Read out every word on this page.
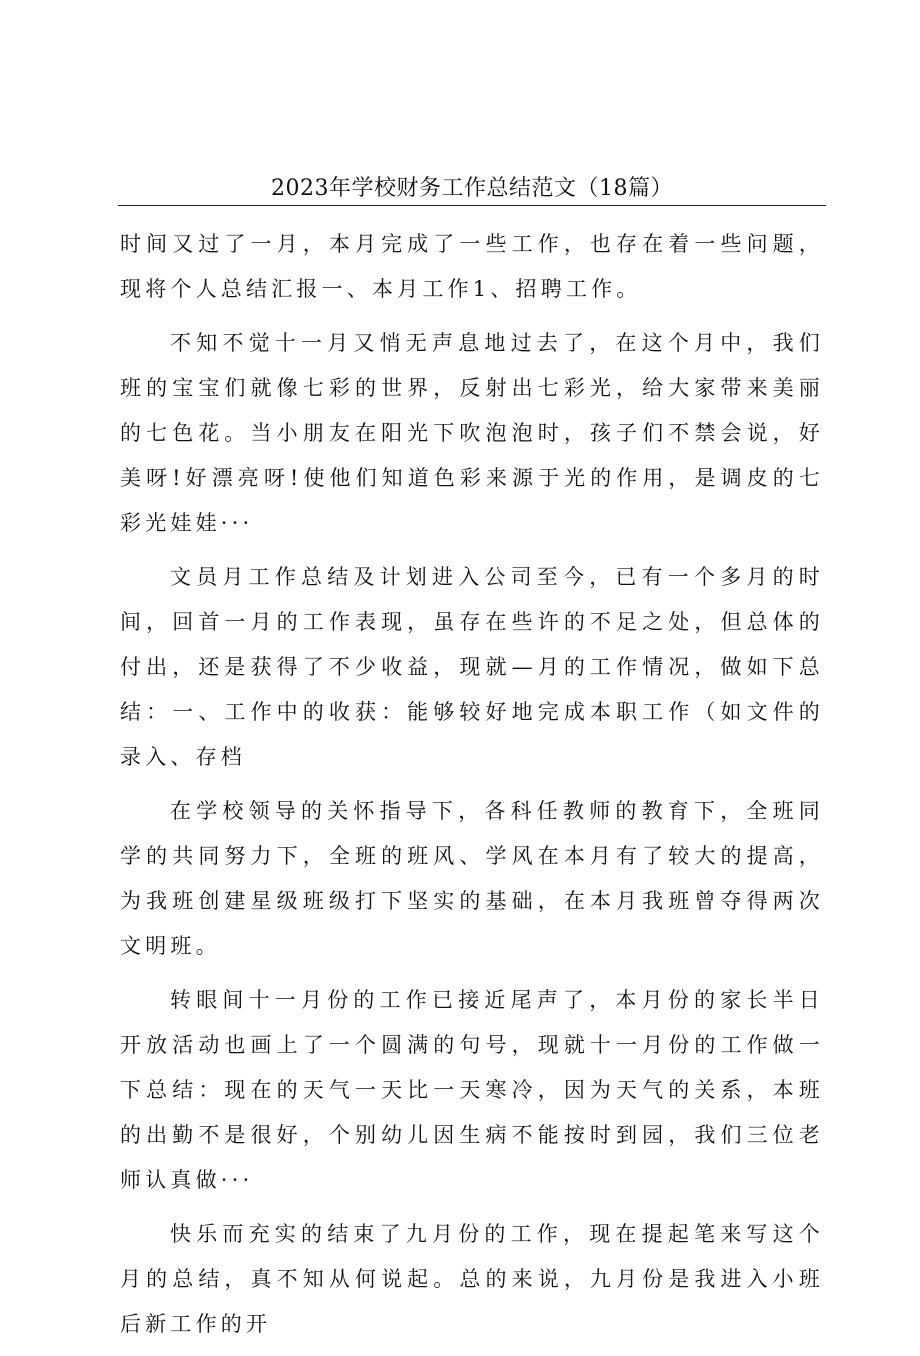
2023年学校财务工作总结范文（18篇）

时间又过了一月，本月完成了一些工作，也存在着一些问题，现将个人总结汇报一、本月工作1、招聘工作。

不知不觉十一月又悄无声息地过去了，在这个月中，我们班的宝宝们就像七彩的世界，反射出七彩光，给大家带来美丽的七色花。当小朋友在阳光下吹泡泡时，孩子们不禁会说，好美呀!好漂亮呀!使他们知道色彩来源于光的作用，是调皮的七彩光娃娃···

文员月工作总结及计划进入公司至今，已有一个多月的时间，回首一月的工作表现，虽存在些许的不足之处，但总体的付出，还是获得了不少收益，现就—月的工作情况，做如下总结：一、工作中的收获：能够较好地完成本职工作（如文件的录入、存档

在学校领导的关怀指导下，各科任教师的教育下，全班同学的共同努力下，全班的班风、学风在本月有了较大的提高，为我班创建星级班级打下坚实的基础，在本月我班曾夺得两次文明班。

转眼间十一月份的工作已接近尾声了，本月份的家长半日开放活动也画上了一个圆满的句号，现就十一月份的工作做一下总结：现在的天气一天比一天寒冷，因为天气的关系，本班的出勤不是很好，个别幼儿因生病不能按时到园，我们三位老师认真做···

快乐而充实的结束了九月份的工作，现在提起笔来写这个月的总结，真不知从何说起。总的来说，九月份是我进入小班后新工作的开
